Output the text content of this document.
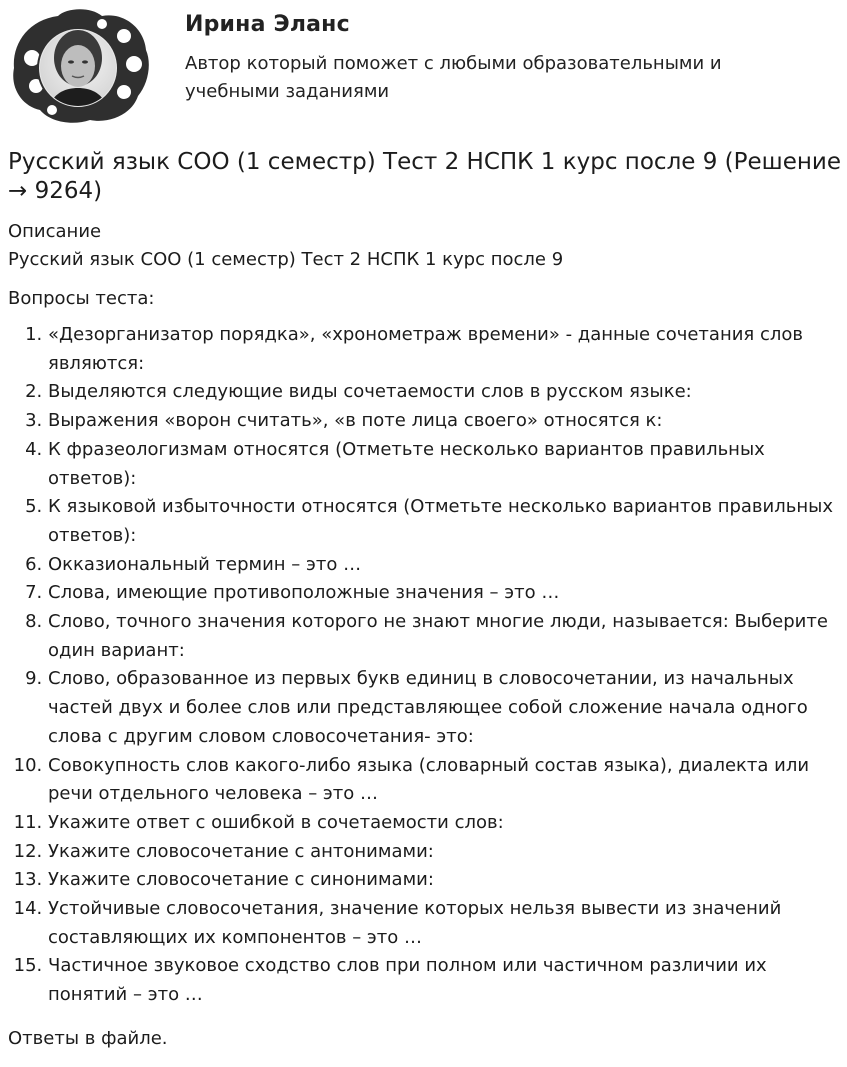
Ирина Эланс
Автор который поможет с любыми образовательными и учебными заданиями
Русский язык СОО (1 семестр) Тест 2 НСПК 1 курс после 9 (Решение → 9264)
Описание
Русский язык СОО (1 семестр) Тест 2 НСПК 1 курс после 9
Вопросы теста:
1. «Дезорганизатор порядка», «хронометраж времени» - данные сочетания слов являются:
2. Выделяются следующие виды сочетаемости слов в русском языке:
3. Выражения «ворон считать», «в поте лица своего» относятся к:
4. К фразеологизмам относятся (Отметьте несколько вариантов правильных ответов):
5. К языковой избыточности относятся (Отметьте несколько вариантов правильных ответов):
6. Окказиональный термин – это …
7. Слова, имеющие противоположные значения – это …
8. Слово, точного значения которого не знают многие люди, называется: Выберите один вариант:
9. Слово, образованное из первых букв единиц в словосочетании, из начальных частей двух и более слов или представляющее собой сложение начала одного слова с другим словом словосочетания- это:
10. Совокупность слов какого-либо языка (словарный состав языка), диалекта или речи отдельного человека – это …
11. Укажите ответ с ошибкой в сочетаемости слов:
12. Укажите словосочетание с антонимами:
13. Укажите словосочетание с синонимами:
14. Устойчивые словосочетания, значение которых нельзя вывести из значений составляющих их компонентов – это …
15. Частичное звуковое сходство слов при полном или частичном различии их понятий – это …
Ответы в файле.
